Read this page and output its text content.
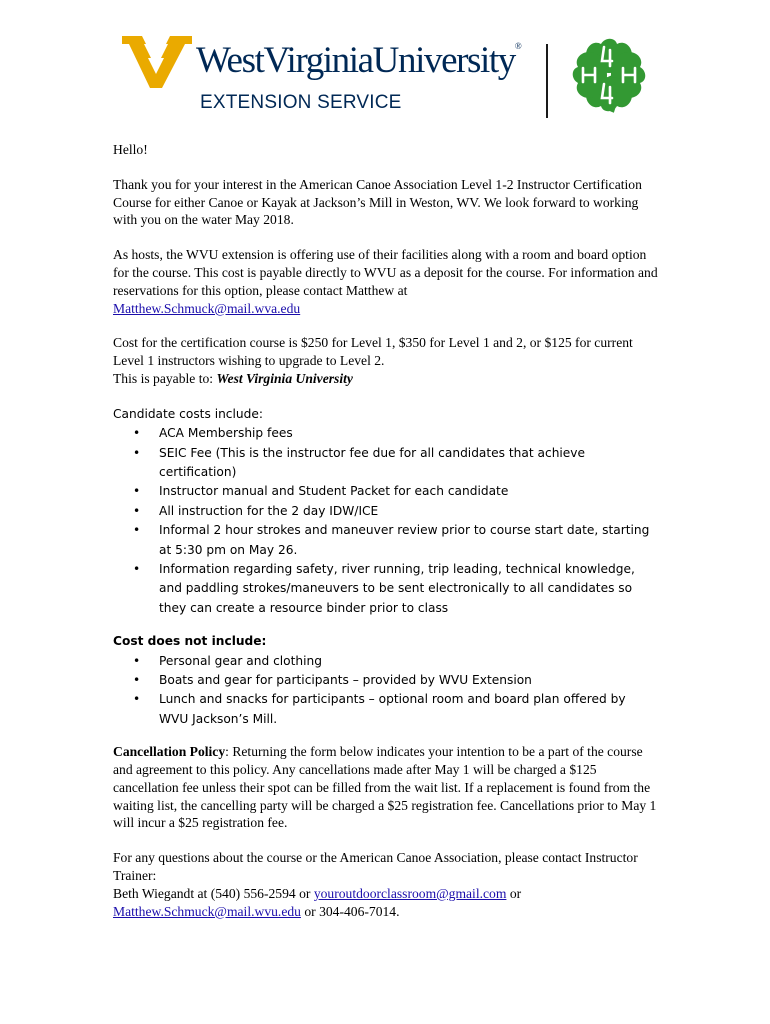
WestVirginiaUniversity®
EXTENSION SERVICE

Hello!

Thank you for your interest in the American Canoe Association Level 1-2 Instructor Certification Course for either Canoe or Kayak at Jackson’s Mill in Weston, WV. We look forward to working with you on the water May 2018.

As hosts, the WVU extension is offering use of their facilities along with a room and board option for the course. This cost is payable directly to WVU as a deposit for the course. For information and reservations for this option, please contact Matthew at
Matthew.Schmuck@mail.wva.edu

Cost for the certification course is $250 for Level 1, $350 for Level 1 and 2, or $125 for current Level 1 instructors wishing to upgrade to Level 2.
This is payable to: West Virginia University

Candidate costs include:

• ACA Membership fees
• SEIC Fee (This is the instructor fee due for all candidates that achieve certification)
• Instructor manual and Student Packet for each candidate
• All instruction for the 2 day IDW/ICE
• Informal 2 hour strokes and maneuver review prior to course start date, starting at 5:30 pm on May 26.
• Information regarding safety, river running, trip leading, technical knowledge, and paddling strokes/maneuvers to be sent electronically to all candidates so they can create a resource binder prior to class

Cost does not include:

• Personal gear and clothing
• Boats and gear for participants – provided by WVU Extension
• Lunch and snacks for participants – optional room and board plan offered by WVU Jackson’s Mill.

Cancellation Policy: Returning the form below indicates your intention to be a part of the course and agreement to this policy. Any cancellations made after May 1 will be charged a $125 cancellation fee unless their spot can be filled from the wait list. If a replacement is found from the waiting list, the cancelling party will be charged a $25 registration fee. Cancellations prior to May 1 will incur a $25 registration fee.

For any questions about the course or the American Canoe Association, please contact Instructor Trainer:
Beth Wiegandt at (540) 556-2594 or youroutdoorclassroom@gmail.com or
Matthew.Schmuck@mail.wvu.edu or 304-406-7014.
